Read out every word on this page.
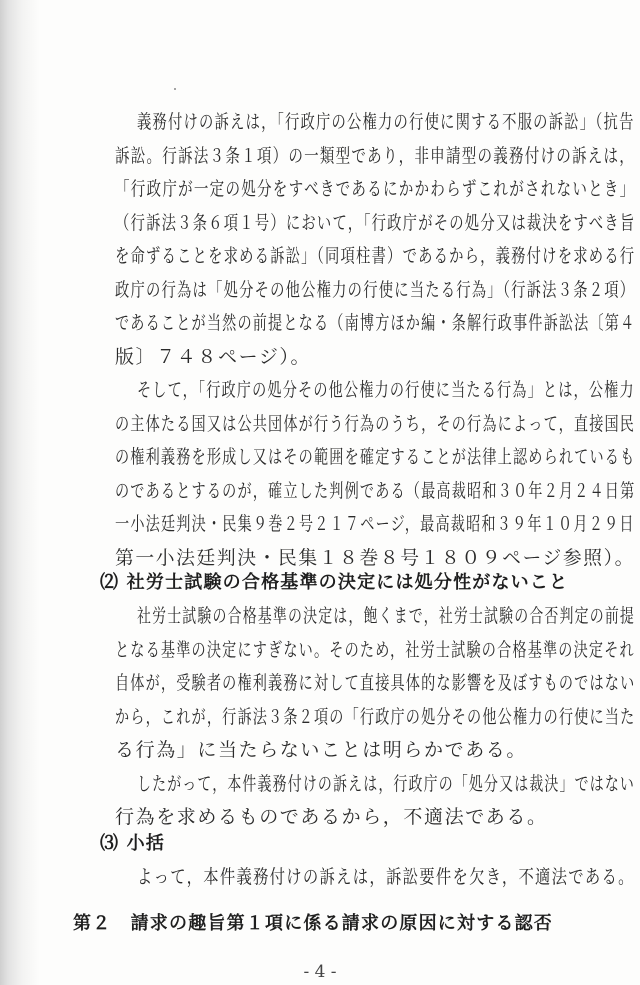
義務付けの訴えは，「行政庁の公権力の行使に関する不服の訴訟」（抗告
訴訟。行訴法３条１項）の一類型であり，非申請型の義務付けの訴えは，
「行政庁が一定の処分をすべきであるにかかわらずこれがされないとき」
（行訴法３条６項１号）において，「行政庁がその処分又は裁決をすべき旨
を命ずることを求める訴訟」（同項柱書）であるから，義務付けを求める行
政庁の行為は「処分その他公権力の行使に当たる行為」（行訴法３条２項）
であることが当然の前提となる（南博方ほか編・条解行政事件訴訟法〔第４
版〕７４８ページ）。
そして，「行政庁の処分その他公権力の行使に当たる行為」とは，公権力
の主体たる国又は公共団体が行う行為のうち，その行為によって，直接国民
の権利義務を形成し又はその範囲を確定することが法律上認められているも
のであるとするのが，確立した判例である（最高裁昭和３０年２月２４日第
一小法廷判決・民集９巻２号２１７ページ，最高裁昭和３９年１０月２９日
第一小法廷判決・民集１８巻８号１８０９ページ参照）。
⑵ 社労士試験の合格基準の決定には処分性がないこと
社労士試験の合格基準の決定は，飽くまで，社労士試験の合否判定の前提
となる基準の決定にすぎない。そのため，社労士試験の合格基準の決定それ
自体が，受験者の権利義務に対して直接具体的な影響を及ぼすものではない
から，これが，行訴法３条２項の「行政庁の処分その他公権力の行使に当た
る行為」に当たらないことは明らかである。
したがって，本件義務付けの訴えは，行政庁の「処分又は裁決」ではない
行為を求めるものであるから，不適法である。
⑶ 小括
よって，本件義務付けの訴えは，訴訟要件を欠き，不適法である。
第２　請求の趣旨第１項に係る請求の原因に対する認否
- 4 -
